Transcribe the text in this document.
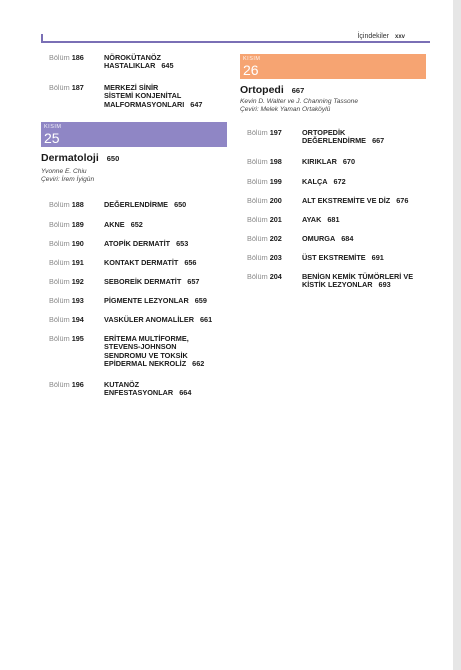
İçindekiler xxv
KISIM
25
Dermatoloji 650
Yvonne E. Chiu
Çeviri: İrem İyigün
KISIM
26
Ortopedi 667
Kevin D. Walter ve J. Channing Tassone
Çeviri: Melek Yaman Ortaköylü
Bölüm 186	NÖROKÜTANÖZ
HASTALIKLAR 645
Bölüm 187	MERKEZİ SİNİR
SİSTEMİ KONJENİTAL
MALFORMASYONLARI 647
Bölüm 188	DEĞERLENDİRME 650
Bölüm 189	AKNE 652
Bölüm 190	ATOPİK DERMATİT 653
Bölüm 191	KONTAKT DERMATİT 656
Bölüm 192	SEBOREİK DERMATİT 657
Bölüm 193	PİGMENTE LEZYONLAR 659
Bölüm 194	VASKÜLER ANOMALİLER 661
Bölüm 195	ERİTEMA MULTİFORME,
STEVENS-JOHNSON
SENDROMU VE TOKSİK
EPİDERMAL NEKROLİZ 662
Bölüm 196	KUTANÖZ
ENFESTASYONLAR 664
Bölüm 197	ORTOPEDİK
DEĞERLENDİRME 667
Bölüm 198	KIRIKLAR 670
Bölüm 199	KALÇA 672
Bölüm 200	ALT EKSTREMİTE VE DİZ 676
Bölüm 201	AYAK 681
Bölüm 202	OMURGA 684
Bölüm 203	ÜST EKSTREMİTE 691
Bölüm 204	BENİGN KEMİK TÜMÖRLERİ VE
KİSTİK LEZYONLAR 693
